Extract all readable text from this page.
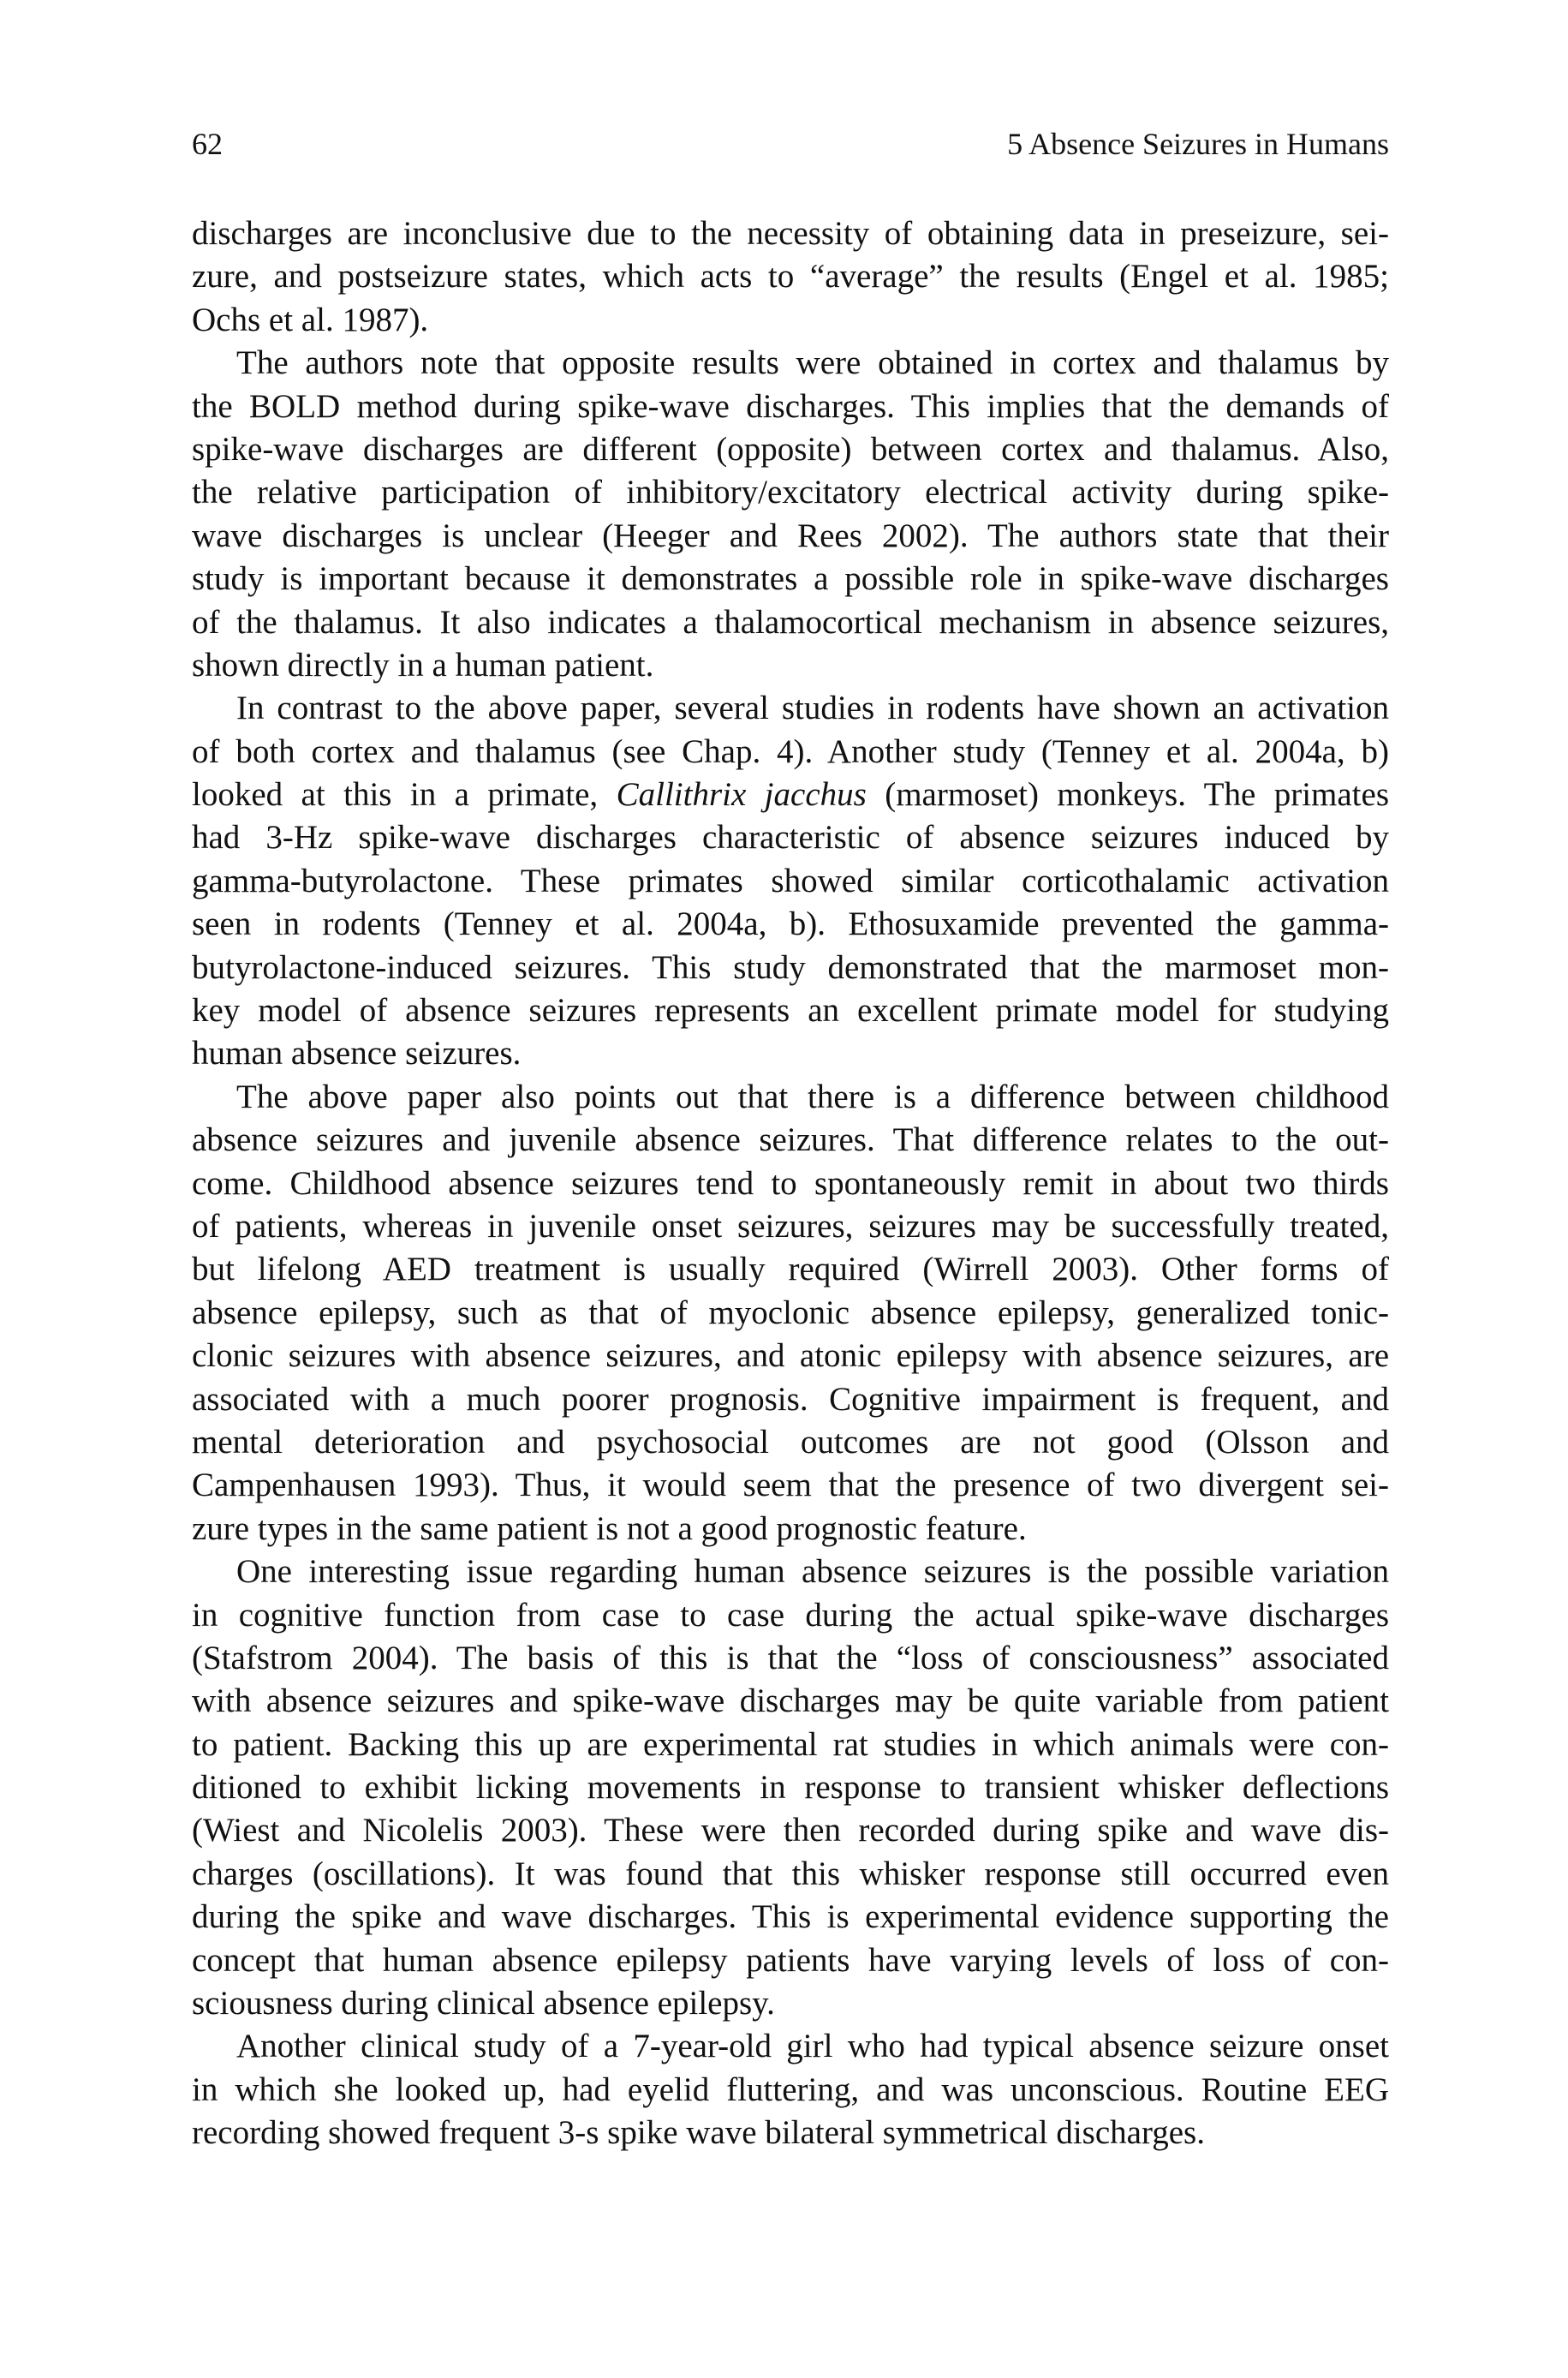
62	5 Absence Seizures in Humans
discharges are inconclusive due to the necessity of obtaining data in preseizure, sei-
zure, and postseizure states, which acts to “average” the results (Engel et al. 1985;
Ochs et al. 1987).
The authors note that opposite results were obtained in cortex and thalamus by
the BOLD method during spike-wave discharges. This implies that the demands of
spike-wave discharges are different (opposite) between cortex and thalamus. Also,
the relative participation of inhibitory/excitatory electrical activity during spike-
wave discharges is unclear (Heeger and Rees 2002). The authors state that their
study is important because it demonstrates a possible role in spike-wave discharges
of the thalamus. It also indicates a thalamocortical mechanism in absence seizures,
shown directly in a human patient.
In contrast to the above paper, several studies in rodents have shown an activation
of both cortex and thalamus (see Chap. 4). Another study (Tenney et al. 2004a, b)
looked at this in a primate, Callithrix jacchus (marmoset) monkeys. The primates
had 3-Hz spike-wave discharges characteristic of absence seizures induced by
gamma-butyrolactone. These primates showed similar corticothalamic activation
seen in rodents (Tenney et al. 2004a, b). Ethosuxamide prevented the gamma-
butyrolactone-induced seizures. This study demonstrated that the marmoset mon-
key model of absence seizures represents an excellent primate model for studying
human absence seizures.
The above paper also points out that there is a difference between childhood
absence seizures and juvenile absence seizures. That difference relates to the out-
come. Childhood absence seizures tend to spontaneously remit in about two thirds
of patients, whereas in juvenile onset seizures, seizures may be successfully treated,
but lifelong AED treatment is usually required (Wirrell 2003). Other forms of
absence epilepsy, such as that of myoclonic absence epilepsy, generalized tonic-
clonic seizures with absence seizures, and atonic epilepsy with absence seizures, are
associated with a much poorer prognosis. Cognitive impairment is frequent, and
mental deterioration and psychosocial outcomes are not good (Olsson and
Campenhausen 1993). Thus, it would seem that the presence of two divergent sei-
zure types in the same patient is not a good prognostic feature.
One interesting issue regarding human absence seizures is the possible variation
in cognitive function from case to case during the actual spike-wave discharges
(Stafstrom 2004). The basis of this is that the “loss of consciousness” associated
with absence seizures and spike-wave discharges may be quite variable from patient
to patient. Backing this up are experimental rat studies in which animals were con-
ditioned to exhibit licking movements in response to transient whisker deflections
(Wiest and Nicolelis 2003). These were then recorded during spike and wave dis-
charges (oscillations). It was found that this whisker response still occurred even
during the spike and wave discharges. This is experimental evidence supporting the
concept that human absence epilepsy patients have varying levels of loss of con-
sciousness during clinical absence epilepsy.
Another clinical study of a 7-year-old girl who had typical absence seizure onset
in which she looked up, had eyelid fluttering, and was unconscious. Routine EEG
recording showed frequent 3-s spike wave bilateral symmetrical discharges.
